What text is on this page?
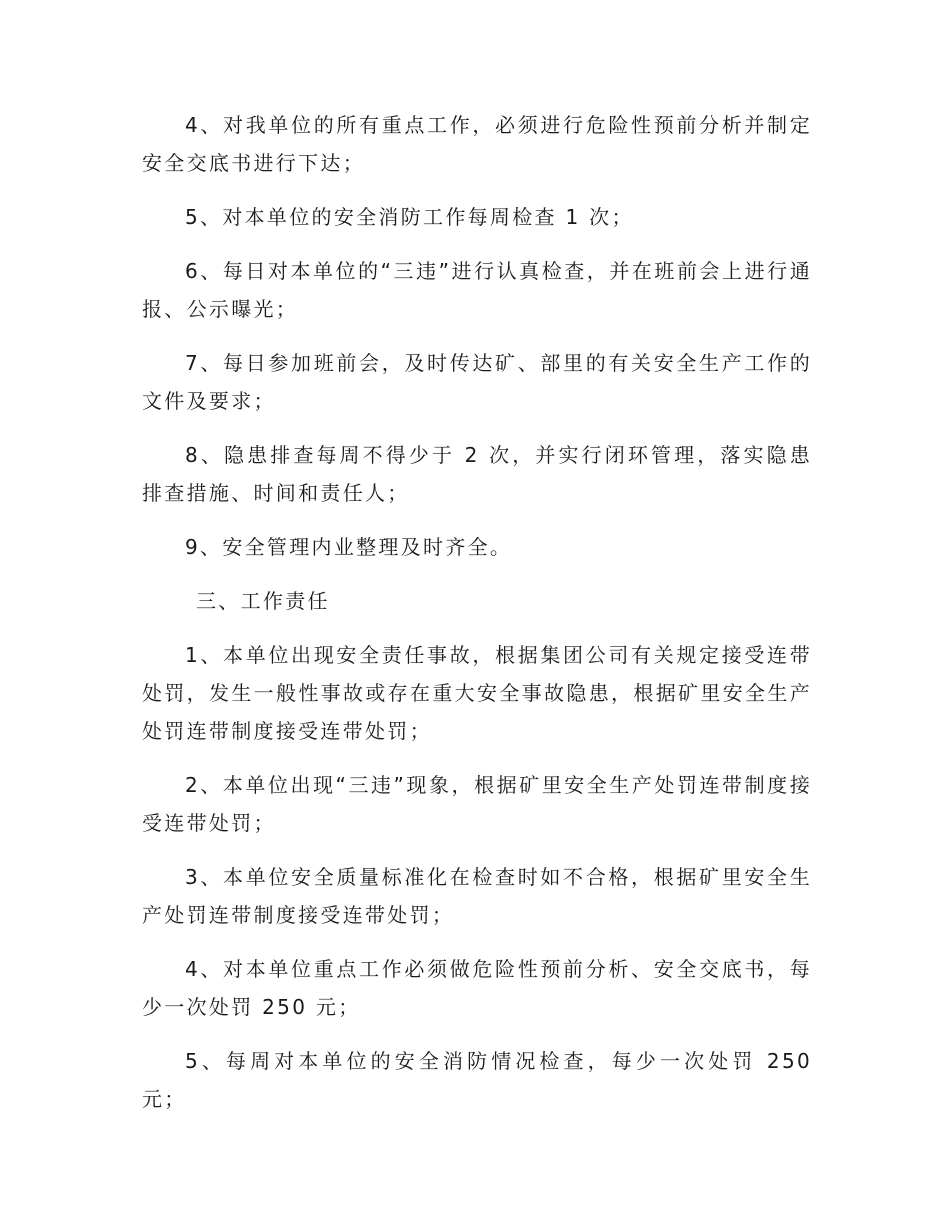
4、对我单位的所有重点工作，必须进行危险性预前分析并制定安全交底书进行下达；

5、对本单位的安全消防工作每周检查 1 次；

6、每日对本单位的“三违”进行认真检查，并在班前会上进行通报、公示曝光；

7、每日参加班前会，及时传达矿、部里的有关安全生产工作的文件及要求；

8、隐患排查每周不得少于 2 次，并实行闭环管理，落实隐患排查措施、时间和责任人；

9、安全管理内业整理及时齐全。

三、工作责任

1、本单位出现安全责任事故，根据集团公司有关规定接受连带处罚，发生一般性事故或存在重大安全事故隐患，根据矿里安全生产处罚连带制度接受连带处罚；

2、本单位出现“三违”现象，根据矿里安全生产处罚连带制度接受连带处罚；

3、本单位安全质量标准化在检查时如不合格，根据矿里安全生产处罚连带制度接受连带处罚；

4、对本单位重点工作必须做危险性预前分析、安全交底书，每少一次处罚 250 元；

5、每周对本单位的安全消防情况检查，每少一次处罚 250 元；
